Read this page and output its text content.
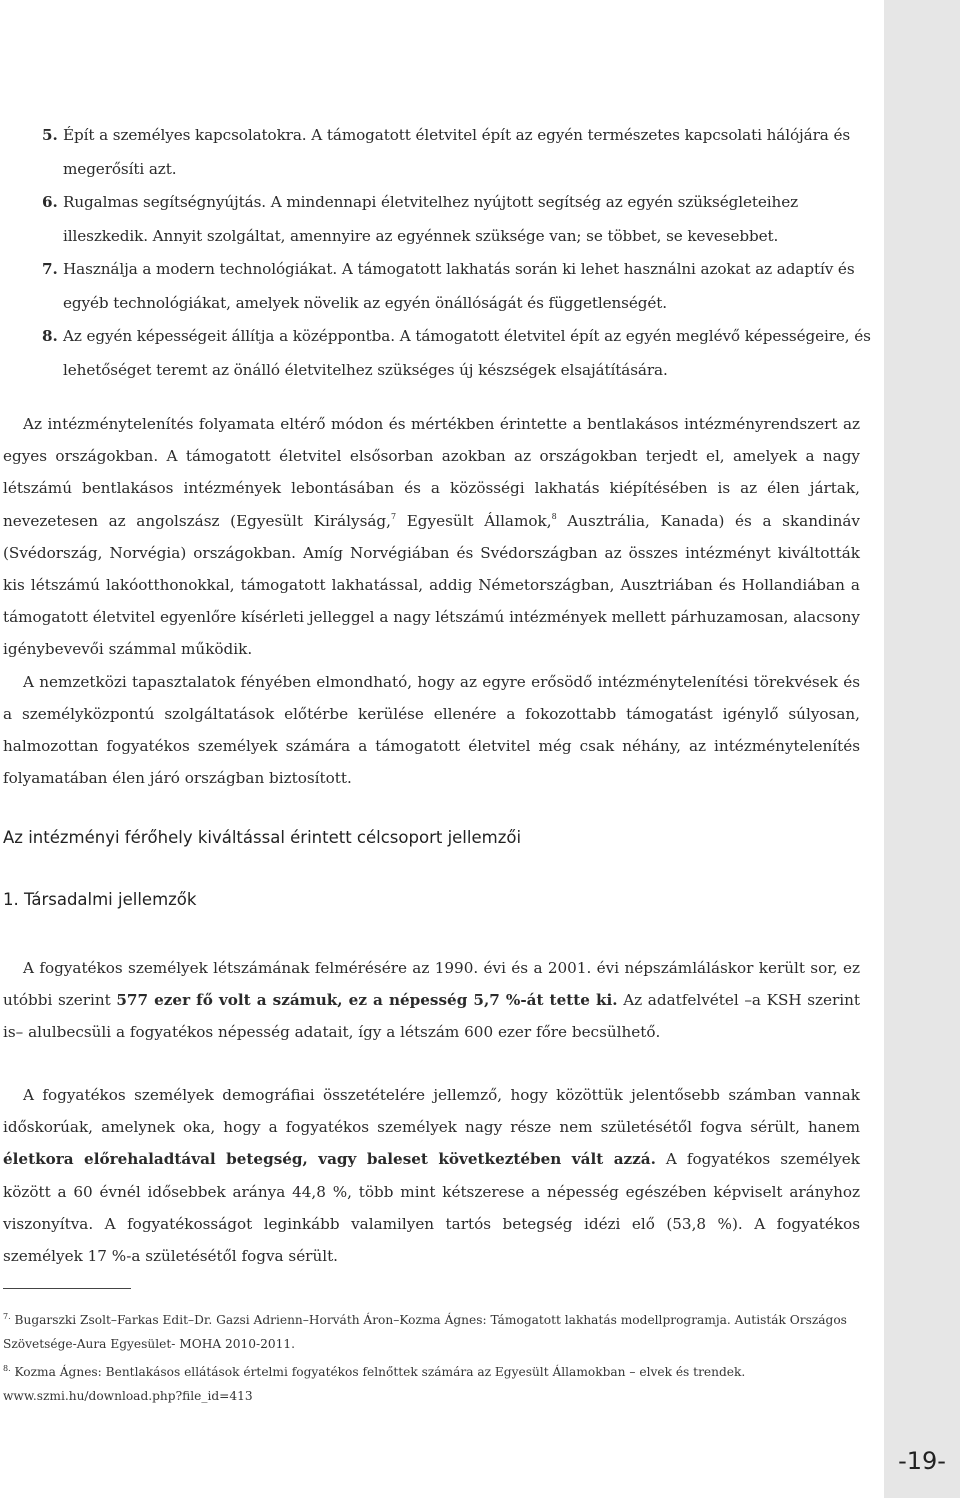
-19-
5. Épít a személyes kapcsolatokra. A támogatott életvitel épít az egyén természetes kapcsolati hálójára és megerősíti azt.
6. Rugalmas segítségnyújtás. A mindennapi életvitelhez nyújtott segítség az egyén szükségleteihez illeszkedik. Annyit szolgáltat, amennyire az egyénnek szüksége van; se többet, se kevesebbet.
7. Használja a modern technológiákat. A támogatott lakhatás során ki lehet használni azokat az adaptív és egyéb technológiákat, amelyek növelik az egyén önállóságát és függetlenségét.
8. Az egyén képességeit állítja a középpontba. A támogatott életvitel épít az egyén meglévő képességeire, és lehetőséget teremt az önálló életvitelhez szükséges új készségek elsajátítására.

Az intézménytelenítés folyamata eltérő módon és mértékben érintette a bentlakásos intézményrendszert az egyes országokban. A támogatott életvitel elsősorban azokban az országokban terjedt el, amelyek a nagy létszámú bentlakásos intézmények lebontásában és a közösségi lakhatás kiépítésében is az élen jártak, nevezetesen az angolszász (Egyesült Királyság,$^7$ Egyesült Államok,$^8$ Ausztrália, Kanada) és a skandináv (Svédország, Norvégia) országokban. Amíg Norvégiában és Svédországban az összes intézményt kiváltották kis létszámú lakóotthonokkal, támogatott lakhatással, addig Németországban, Ausztriában és Hollandiában a támogatott életvitel egyenlőre kísérleti jelleggel a nagy létszámú intézmények mellett párhuzamosan, alacsony igénybevevői számmal működik.

A nemzetközi tapasztalatok fényében elmondható, hogy az egyre erősödő intézménytelenítési törekvések és a személyközpontú szolgáltatások előtérbe kerülése ellenére a fokozottabb támogatást igénylő súlyosan, halmozottan fogyatékos személyek számára a támogatott életvitel még csak néhány, az intézménytelenítés folyamatában élen járó országban biztosított.

Az intézményi férőhely kiváltással érintett célcsoport jellemzői
1. Társadalmi jellemzők

A fogyatékos személyek létszámának felmérésére az 1990. évi és a 2001. évi népszámláláskor került sor, ez utóbbi szerint 577 ezer fő volt a számuk, ez a népesség 5,7 %-át tette ki. Az adatfelvétel –a KSH szerint is– alulbecsüli a fogyatékos népesség adatait, így a létszám 600 ezer főre becsülhető.

A fogyatékos személyek demográfiai összetételére jellemző, hogy közöttük jelentősebb számban vannak időskorúak, amelynek oka, hogy a fogyatékos személyek nagy része nem születésétől fogva sérült, hanem életkora előrehaladtával betegség, vagy baleset következtében vált azzá. A fogyatékos személyek között a 60 évnél idősebbek aránya 44,8 %, több mint kétszerese a népesség egészében képviselt arányhoz viszonyítva. A fogyatékosságot leginkább valamilyen tartós betegség idézi elő (53,8 %). A fogyatékos személyek 17 %-a születésétől fogva sérült.

$^{7.}$ Bugarszki Zsolt–Farkas Edit–Dr. Gazsi Adrienn–Horváth Áron–Kozma Ágnes: Támogatott lakhatás modellprogramja. Autisták Országos Szövetsége-Aura Egyesület- MOHA 2010-2011.
$^{8.}$ Kozma Ágnes: Bentlakásos ellátások értelmi fogyatékos felnőttek számára az Egyesült Államokban – elvek és trendek. www.szmi.hu/download.php?file_id=413
